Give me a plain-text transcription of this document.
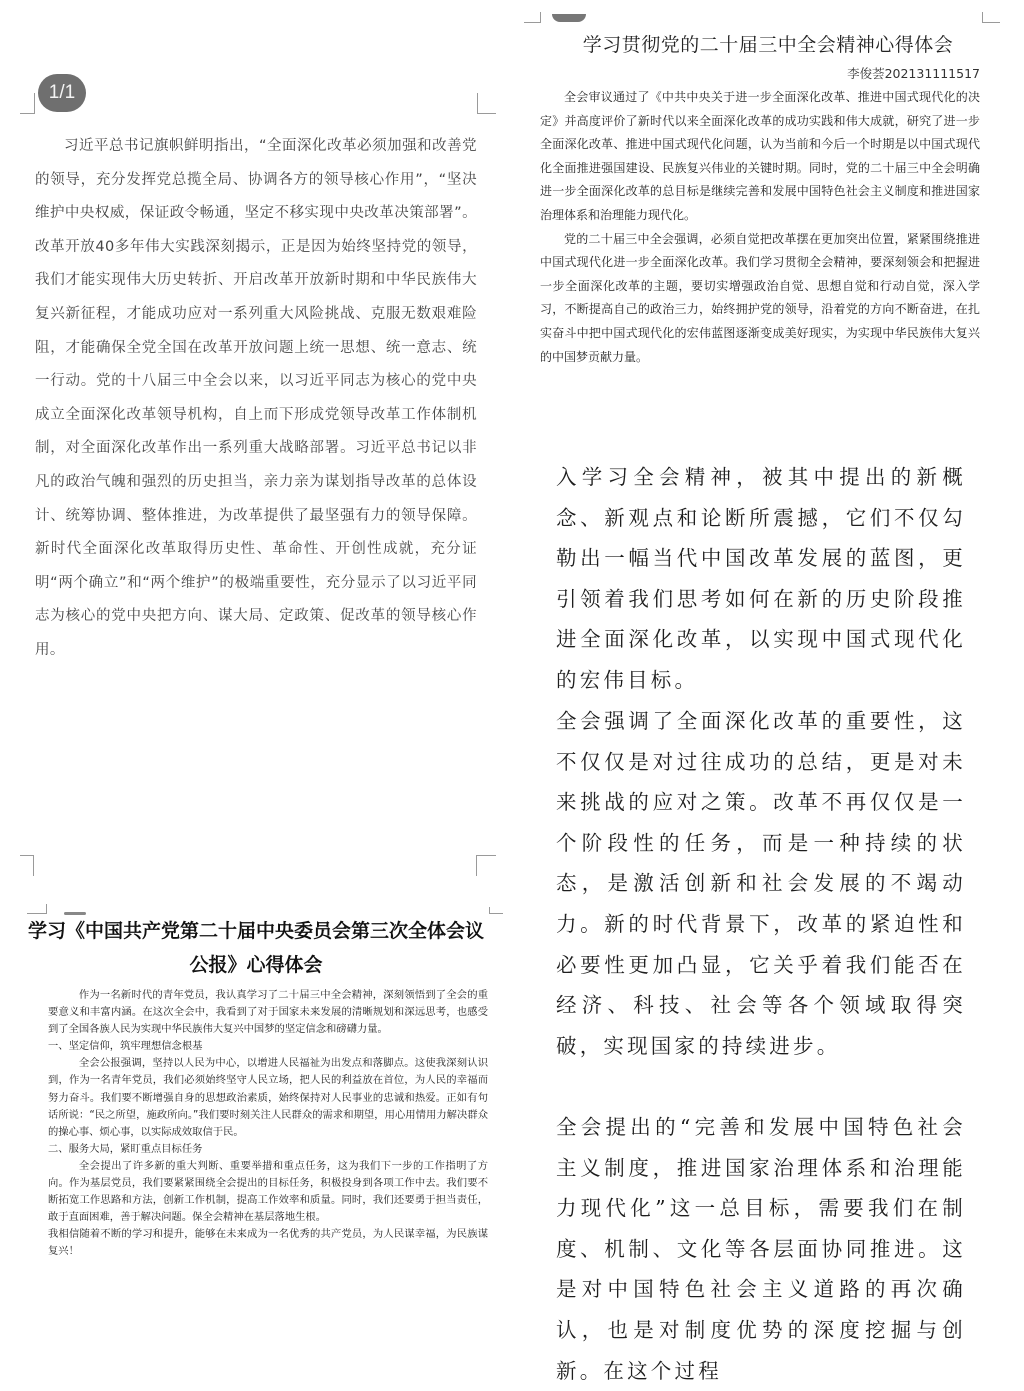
1/1

习近平总书记旗帜鲜明指出，“全面深化改革必须加强和改善党的领导，充分发挥党总揽全局、协调各方的领导核心作用”，“坚决维护中央权威，保证政令畅通，坚定不移实现中央改革决策部署”。改革开放40多年伟大实践深刻揭示，正是因为始终坚持党的领导，我们才能实现伟大历史转折、开启改革开放新时期和中华民族伟大复兴新征程，才能成功应对一系列重大风险挑战、克服无数艰难险阻，才能确保全党全国在改革开放问题上统一思想、统一意志、统一行动。党的十八届三中全会以来，以习近平同志为核心的党中央成立全面深化改革领导机构，自上而下形成党领导改革工作体制机制，对全面深化改革作出一系列重大战略部署。习近平总书记以非凡的政治气魄和强烈的历史担当，亲力亲为谋划指导改革的总体设计、统筹协调、整体推进，为改革提供了最坚强有力的领导保障。新时代全面深化改革取得历史性、革命性、开创性成就，充分证明“两个确立”和“两个维护”的极端重要性，充分显示了以习近平同志为核心的党中央把方向、谋大局、定政策、促改革的领导核心作用。

学习贯彻党的二十届三中全会精神心得体会
李俊荟202131111517

全会审议通过了《中共中央关于进一步全面深化改革、推进中国式现代化的决定》并高度评价了新时代以来全面深化改革的成功实践和伟大成就，研究了进一步全面深化改革、推进中国式现代化问题，认为当前和今后一个时期是以中国式现代化全面推进强国建设、民族复兴伟业的关键时期。同时，党的二十届三中全会明确进一步全面深化改革的总目标是继续完善和发展中国特色社会主义制度和推进国家治理体系和治理能力现代化。

党的二十届三中全会强调，必须自觉把改革摆在更加突出位置，紧紧围绕推进中国式现代化进一步全面深化改革。我们学习贯彻全会精神，要深刻领会和把握进一步全面深化改革的主题，要切实增强政治自觉、思想自觉和行动自觉，深入学习，不断提高自己的政治三力，始终拥护党的领导，沿着党的方向不断奋进，在扎实奋斗中把中国式现代化的宏伟蓝图逐渐变成美好现实，为实现中华民族伟大复兴的中国梦贡献力量。

学习《中国共产党第二十届中央委员会第三次全体会议公报》心得体会

作为一名新时代的青年党员，我认真学习了二十届三中全会精神，深刻领悟到了全会的重要意义和丰富内涵。在这次全会中，我看到了对于国家未来发展的清晰规划和深远思考，也感受到了全国各族人民为实现中华民族伟大复兴中国梦的坚定信念和磅礴力量。

一、坚定信仰，筑牢理想信念根基

全会公报强调，坚持以人民为中心，以增进人民福祉为出发点和落脚点。这使我深刻认识到，作为一名青年党员，我们必须始终坚守人民立场，把人民的利益放在首位，为人民的幸福而努力奋斗。我们要不断增强自身的思想政治素质，始终保持对人民事业的忠诚和热爱。正如有句话所说：“民之所望，施政所向。”我们要时刻关注人民群众的需求和期望，用心用情用力解决群众的操心事、烦心事，以实际成效取信于民。

二、服务大局，紧盯重点目标任务

全会提出了许多新的重大判断、重要举措和重点任务，这为我们下一步的工作指明了方向。作为基层党员，我们要紧紧围绕全会提出的目标任务，积极投身到各项工作中去。我们要不断拓宽工作思路和方法，创新工作机制，提高工作效率和质量。同时，我们还要勇于担当责任，敢于直面困难，善于解决问题。保全会精神在基层落地生根。

我相信随着不断的学习和提升，能够在未来成为一名优秀的共产党员，为人民谋幸福，为民族谋复兴！

入学习全会精神，被其中提出的新概念、新观点和论断所震撼，它们不仅勾勒出一幅当代中国改革发展的蓝图，更引领着我们思考如何在新的历史阶段推进全面深化改革，以实现中国式现代化的宏伟目标。
全会强调了全面深化改革的重要性，这不仅仅是对过往成功的总结，更是对未来挑战的应对之策。改革不再仅仅是一个阶段性的任务，而是一种持续的状态，是激活创新和社会发展的不竭动力。新的时代背景下，改革的紧迫性和必要性更加凸显，它关乎着我们能否在经济、科技、社会等各个领域取得突破，实现国家的持续进步。
全会提出的“完善和发展中国特色社会主义制度，推进国家治理体系和治理能力现代化”这一总目标，需要我们在制度、机制、文化等各层面协同推进。这是对中国特色社会主义道路的再次确认，也是对制度优势的深度挖掘与创新。在这个过程
